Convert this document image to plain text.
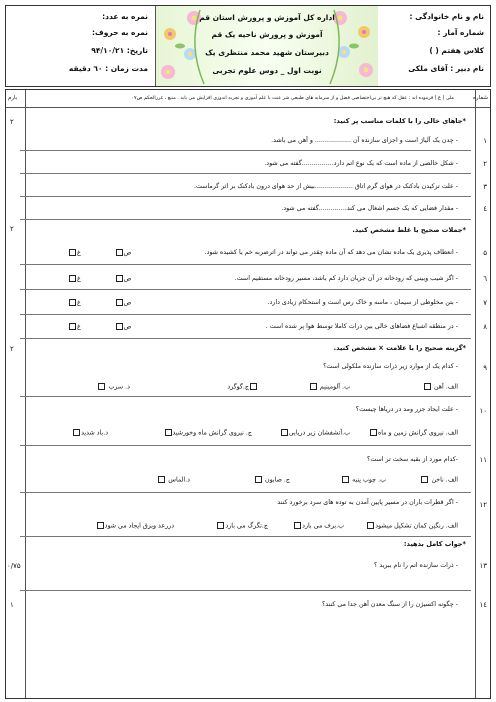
نام و نام خانوادگی :
شماره آمار :
کلاس هفتم ( )
نام دبیر : آقای ملکی
اداره کل آموزش و پرورش استان قم
آموزش و پرورش ناحیه یک قم
دبیرستان شهید محمد منتظری یک
نوبت اول _ دوس علوم تجربی
نمره به عدد:
نمره به حروف:
تاریخ: ۹۴/۱۰/۲۱
مدت زمان : ٦۰ دقیقه
شماره
بارم	ملی ( ع ) فرموده اند : عقل که هیچ تر بی‌اختصاصی فضل و از سرمایه های طبیعی شر عنت با علم آموزی و تجربه اندوزی افزایش می یابد . منبع ، غررالحکم ص۰۷
*جاهای خالی را با کلمات مناسب پر کنید:
۲
۱
- چدن یک آلیاژ است و اجزای سازنده آن .................. و آهن می باشد.
۲
- شکل خالصی از ماده است که یک نوع اتم دارد................گفته می شود.
۳
- علت ترکیدن بادکنک در هوای گرم اتاق ...................بیش از حد هوای درون بادکنک بر اثر گرماست.
٤
- مقدار فضایی که یک جسم اشغال می کند..............گفته می شود.
*جملات صحیح یا غلط مشخص کنید.
۲
۵
- انعطاف پذیری یک ماده نشان می دهد که آن ماده چقدر می تواند در اثرضربه خم یا کشیده شود.
٦
- اگر شیب وبینی که رودخانه در آن جریان دارد کم باشد، مسیر رودخانه مستقیم است.
۷
- بتن مخلوطی از سیمان ، ماسه و خاک رس است و استحکام زیادی دارد.
۸
- در منطقه اشباع فضاهای خالی بین ذرات کاملا توسط هوا پر شده است .
ص  غ
ص  غ
ص  غ
ص  غ
*گزینه صحیح را با علامت × مشخص کنید.
۲
۹
- کدام یک از موارد زیر ذرات سازنده ملکولی است؟
الف. آهن
ب. آلومینیم
ج.گوگرد
د. سرب
۱۰
- علت ایجاد جزر ومد در دریاها چیست؟
الف. نیروی گرانش زمین و ماه
ب.آتشفشان زیر دریایی
ج. نیروی گرانش ماه وخورشید
د.باد شدید
۱۱
-کدام مورد از بقیه سخت تر است؟
الف. ناخن
ب. چوب پنبه
ج. صابون
د.الماس
۱۲
- اگر قطرات باران در مسیر پایین آمدن به توده های سرد برخورد کنند
الف. رنگین کمان تشکیل میشود
ب.برف می بارد
ج.تگرگ می بارد
دررعد وبرق ایجاد می شود
*جواب کامل بدهید:
۱۳
- ذرات سازنده اتم را نام ببرید ؟
۰/۷۵
۱٤
- چگونه اکسیژن را از سنگ معدن آهن جدا می کنند؟
۱
